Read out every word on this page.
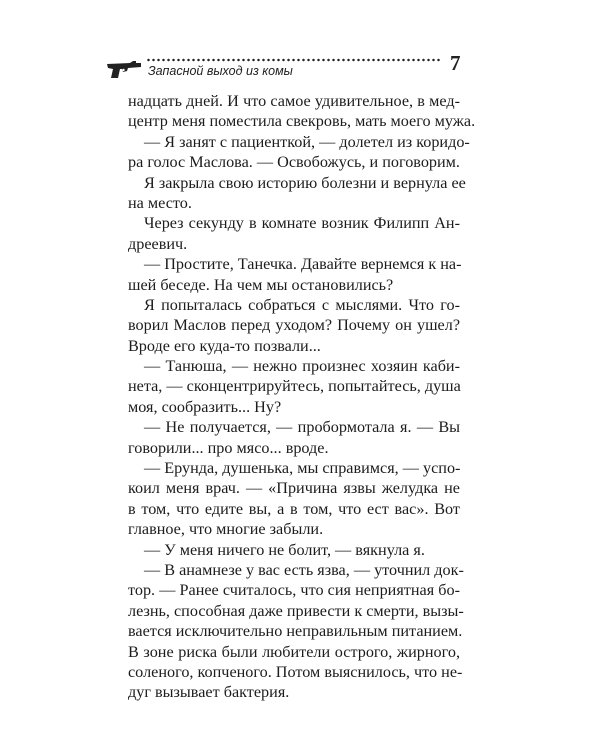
Запасной выход из комы	7
надцать дней. И что самое удивительное, в мед-
центр меня поместила свекровь, мать моего мужа.
— Я занят с пациенткой, — долетел из коридо-
ра голос Маслова. — Освобожусь, и поговорим.
Я закрыла свою историю болезни и вернула ее
на место.
Через секунду в комнате возник Филипп Ан-
дреевич.
— Простите, Танечка. Давайте вернемся к на-
шей беседе. На чем мы остановились?
Я попыталась собраться с мыслями. Что го-
ворил Маслов перед уходом? Почему он ушел?
Вроде его куда-то позвали...
— Танюша, — нежно произнес хозяин каби-
нета, — сконцентрируйтесь, попытайтесь, душа
моя, сообразить... Ну?
— Не получается, — пробормотала я. — Вы
говорили... про мясо... вроде.
— Ерунда, душенька, мы справимся, — успо-
коил меня врач. — «Причина язвы желудка не
в том, что едите вы, а в том, что ест вас». Вот
главное, что многие забыли.
— У меня ничего не болит, — вякнула я.
— В анамнезе у вас есть язва, — уточнил док-
тор. — Ранее считалось, что сия неприятная бо-
лезнь, способная даже привести к смерти, вызы-
вается исключительно неправильным питанием.
В зоне риска были любители острого, жирного,
соленого, копченого. Потом выяснилось, что не-
дуг вызывает бактерия.
